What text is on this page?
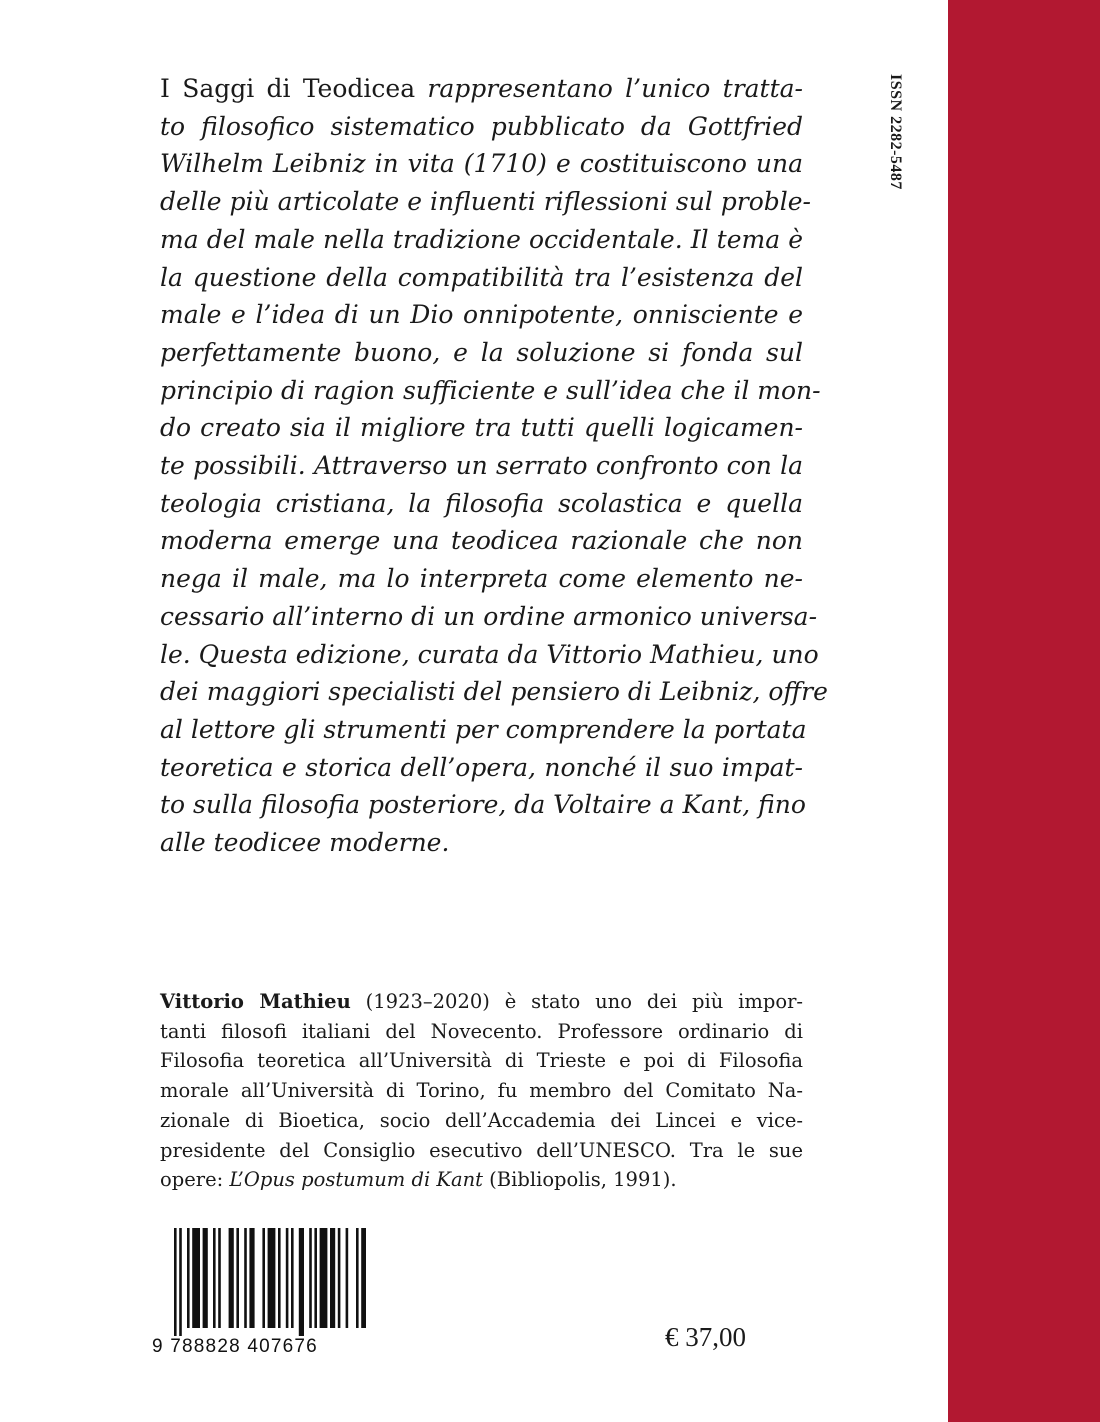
ISSN 2282-5487

I Saggi di Teodicea rappresentano l’unico tratta-
to filosofico sistematico pubblicato da Gottfried
Wilhelm Leibniz in vita (1710) e costituiscono una
delle più articolate e influenti riflessioni sul proble-
ma del male nella tradizione occidentale. Il tema è
la questione della compatibilità tra l’esistenza del
male e l’idea di un Dio onnipotente, onnisciente e
perfettamente buono, e la soluzione si fonda sul
principio di ragion sufficiente e sull’idea che il mon-
do creato sia il migliore tra tutti quelli logicamen-
te possibili. Attraverso un serrato confronto con la
teologia cristiana, la filosofia scolastica e quella
moderna emerge una teodicea razionale che non
nega il male, ma lo interpreta come elemento ne-
cessario all’interno di un ordine armonico universa-
le. Questa edizione, curata da Vittorio Mathieu, uno
dei maggiori specialisti del pensiero di Leibniz, offre
al lettore gli strumenti per comprendere la portata
teoretica e storica dell’opera, nonché il suo impat-
to sulla filosofia posteriore, da Voltaire a Kant, fino
alle teodicee moderne.

Vittorio Mathieu (1923–2020) è stato uno dei più impor-
tanti filosofi italiani del Novecento. Professore ordinario di
Filosofia teoretica all’Università di Trieste e poi di Filosofia
morale all’Università di Torino, fu membro del Comitato Na-
zionale di Bioetica, socio dell’Accademia dei Lincei e vice-
presidente del Consiglio esecutivo dell’UNESCO. Tra le sue
opere: L’Opus postumum di Kant (Bibliopolis, 1991).

9 788828 407676	€ 37,00
